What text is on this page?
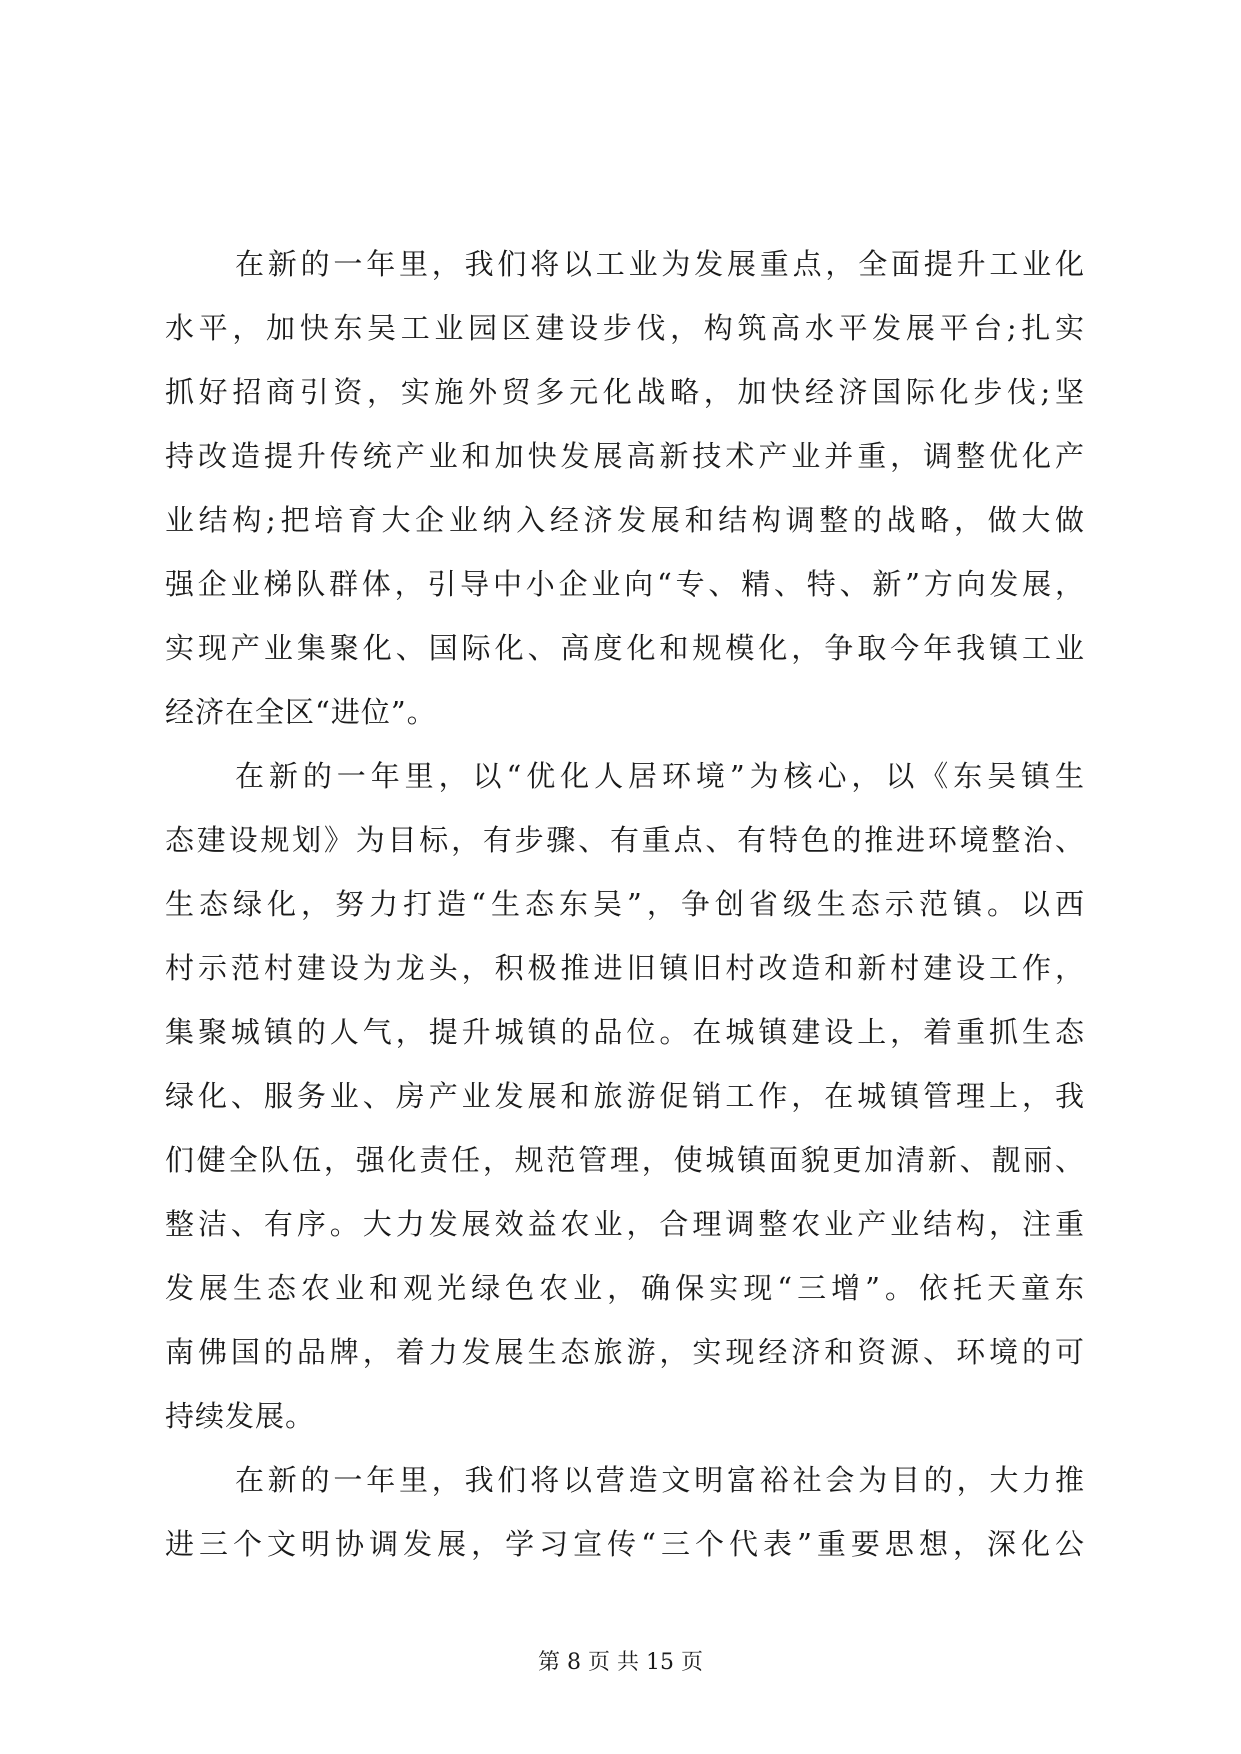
在新的一年里，我们将以工业为发展重点，全面提升工业化
水平，加快东吴工业园区建设步伐，构筑高水平发展平台;扎实
抓好招商引资，实施外贸多元化战略，加快经济国际化步伐;坚
持改造提升传统产业和加快发展高新技术产业并重，调整优化产
业结构;把培育大企业纳入经济发展和结构调整的战略，做大做
强企业梯队群体，引导中小企业向“专、精、特、新”方向发展，
实现产业集聚化、国际化、高度化和规模化，争取今年我镇工业
经济在全区“进位”。
在新的一年里，以“优化人居环境”为核心，以《东吴镇生
态建设规划》为目标，有步骤、有重点、有特色的推进环境整治、
生态绿化，努力打造“生态东吴”，争创省级生态示范镇。以西
村示范村建设为龙头，积极推进旧镇旧村改造和新村建设工作，
集聚城镇的人气，提升城镇的品位。在城镇建设上，着重抓生态
绿化、服务业、房产业发展和旅游促销工作，在城镇管理上，我
们健全队伍，强化责任，规范管理，使城镇面貌更加清新、靓丽、
整洁、有序。大力发展效益农业，合理调整农业产业结构，注重
发展生态农业和观光绿色农业，确保实现“三增”。依托天童东
南佛国的品牌，着力发展生态旅游，实现经济和资源、环境的可
持续发展。
在新的一年里，我们将以营造文明富裕社会为目的，大力推
进三个文明协调发展，学习宣传“三个代表”重要思想，深化公
第 8 页 共 15 页
